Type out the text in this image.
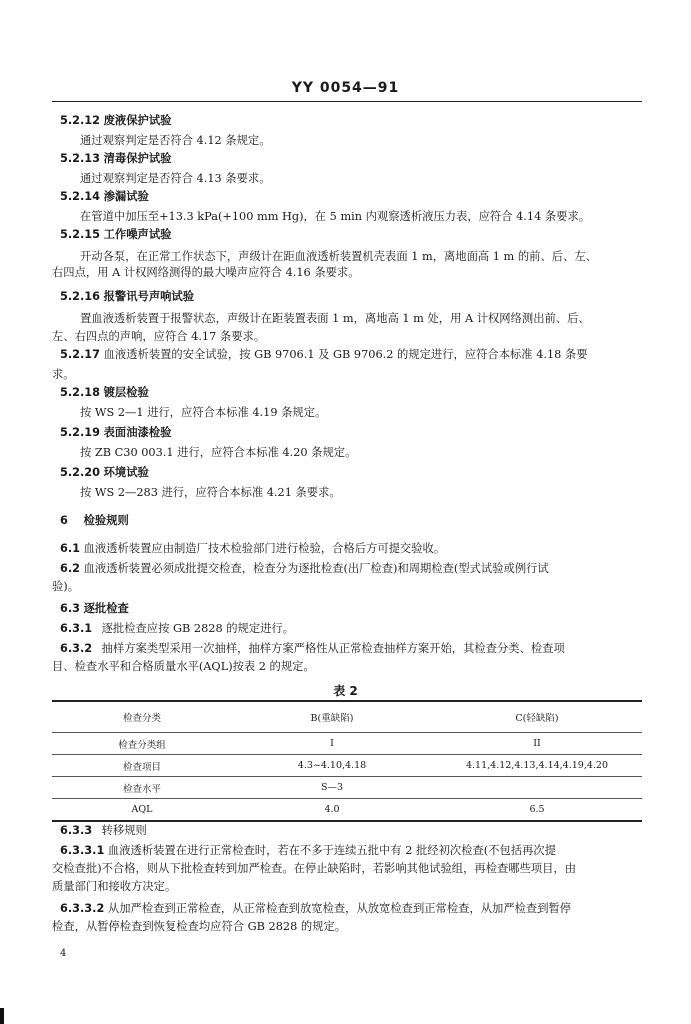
YY 0054—91
5.2.12 废液保护试验
通过观察判定是否符合 4.12 条规定。
5.2.13 清毒保护试验
通过观察判定是否符合 4.13 条要求。
5.2.14 渗漏试验
在管道中加压至+13.3 kPa(+100 mm Hg)，在 5 min 内观察透析液压力表，应符合 4.14 条要求。
5.2.15 工作噪声试验
开动各泵，在正常工作状态下，声级计在距血液透析装置机壳表面 1 m，离地面高 1 m 的前、后、左、
右四点，用 A 计权网络测得的最大噪声应符合 4.16 条要求。
5.2.16 报警讯号声响试验
置血液透析装置于报警状态，声级计在距装置表面 1 m，离地高 1 m 处，用 A 计权网络测出前、后、
左、右四点的声响，应符合 4.17 条要求。
5.2.17 血液透析装置的安全试验，按 GB 9706.1 及 GB 9706.2 的规定进行，应符合本标准 4.18 条要
求。
5.2.18 镀层检验
按 WS 2—1 进行，应符合本标准 4.19 条规定。
5.2.19 表面油漆检验
按 ZB C30 003.1 进行，应符合本标准 4.20 条规定。
5.2.20 环境试验
按 WS 2—283 进行，应符合本标准 4.21 条要求。
6 检验规则
6.1 血液透析装置应由制造厂技术检验部门进行检验，合格后方可提交验收。
6.2 血液透析装置必须成批提交检查，检查分为逐批检查(出厂检查)和周期检查(型式试验或例行试
验)。
6.3 逐批检查
6.3.1 逐批检查应按 GB 2828 的规定进行。
6.3.2 抽样方案类型采用一次抽样，抽样方案严格性从正常检查抽样方案开始，其检查分类、检查项
目、检查水平和合格质量水平(AQL)按表 2 的规定。
表 2
检查分类	B(重缺陷)	C(轻缺陷)
检查分类组	I	II
检查项目	4.3~4.10,4.18	4.11,4.12,4.13,4.14,4.19,4.20
检查水平	S—3	
AQL	4.0	6.5
6.3.3 转移规则
6.3.3.1 血液透析装置在进行正常检查时，若在不多于连续五批中有 2 批经初次检查(不包括再次提
交检查批)不合格，则从下批检查转到加严检查。在停止缺陷时，若影响其他试验组，再检查哪些项目，由
质量部门和接收方决定。
6.3.3.2 从加严检查到正常检查，从正常检查到放宽检查，从放宽检查到正常检查，从加严检查到暂停
检查，从暂停检查到恢复检查均应符合 GB 2828 的规定。
4
